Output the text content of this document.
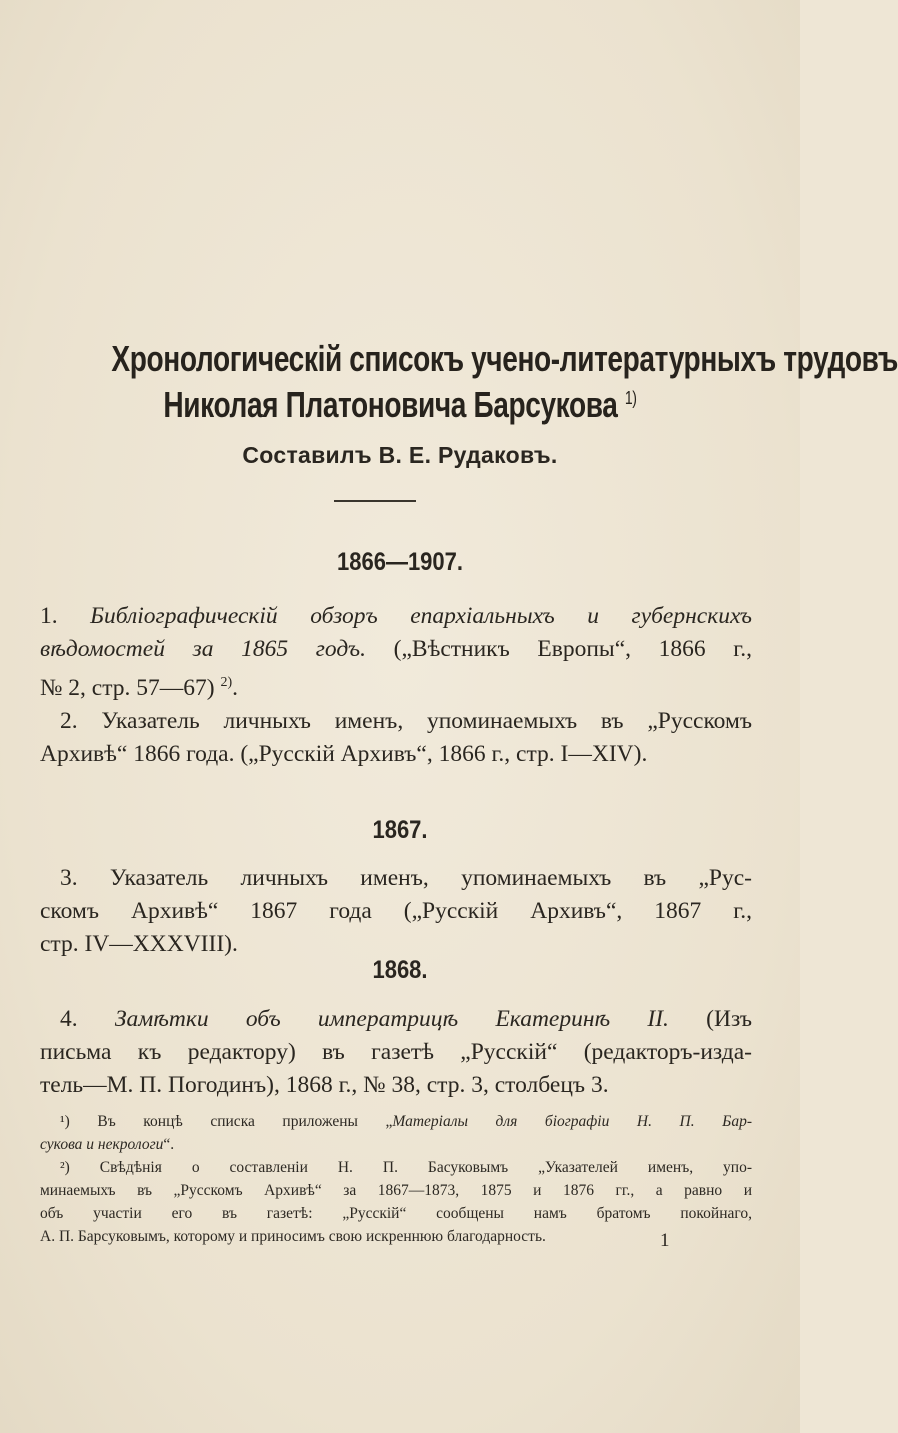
Хронологическій списокъ учено-литературныхъ трудовъ
Николая Платоновича Барсукова $^{1)}$
Составилъ В. Е. Рудаковъ.
1866—1907.
1. Библіографическій обзоръ епархіальныхъ и губернскихъ
вѣдомостей за 1865 годъ. („Вѣстникъ Европы“, 1866 г.,
№ 2, стр. 57—67) $^{2)}$.
2. Указатель личныхъ именъ, упоминаемыхъ въ „Русскомъ
Архивѣ“ 1866 года. („Русскій Архивъ“, 1866 г., стр. I—XIV).
1867.
3. Указатель личныхъ именъ, упоминаемыхъ въ „Рус-
скомъ Архивѣ“ 1867 года („Русскій Архивъ“, 1867 г.,
стр. IV—XXXVIII).
1
1868.
4. Замѣтки объ императрицѣ Екатеринѣ II. (Изъ
письма къ редактору) въ газетѣ „Русскій“ (редакторъ-изда-
тель—М. П. Погодинъ), 1868 г., № 38, стр. 3, столбецъ 3.
¹) Въ концѣ списка приложены „Матеріалы для біографіи Н. П. Бар-
сукова и некрологи“.
²) Свѣдѣнія о составленіи Н. П. Басуковымъ „Указателей именъ, упо-
минаемыхъ въ „Русскомъ Архивѣ“ за 1867—1873, 1875 и 1876 гг., а равно и
объ участіи его въ газетѣ: „Русскій“ сообщены намъ братомъ покойнаго,
А. П. Барсуковымъ, которому и приносимъ свою искреннюю благодарность.
